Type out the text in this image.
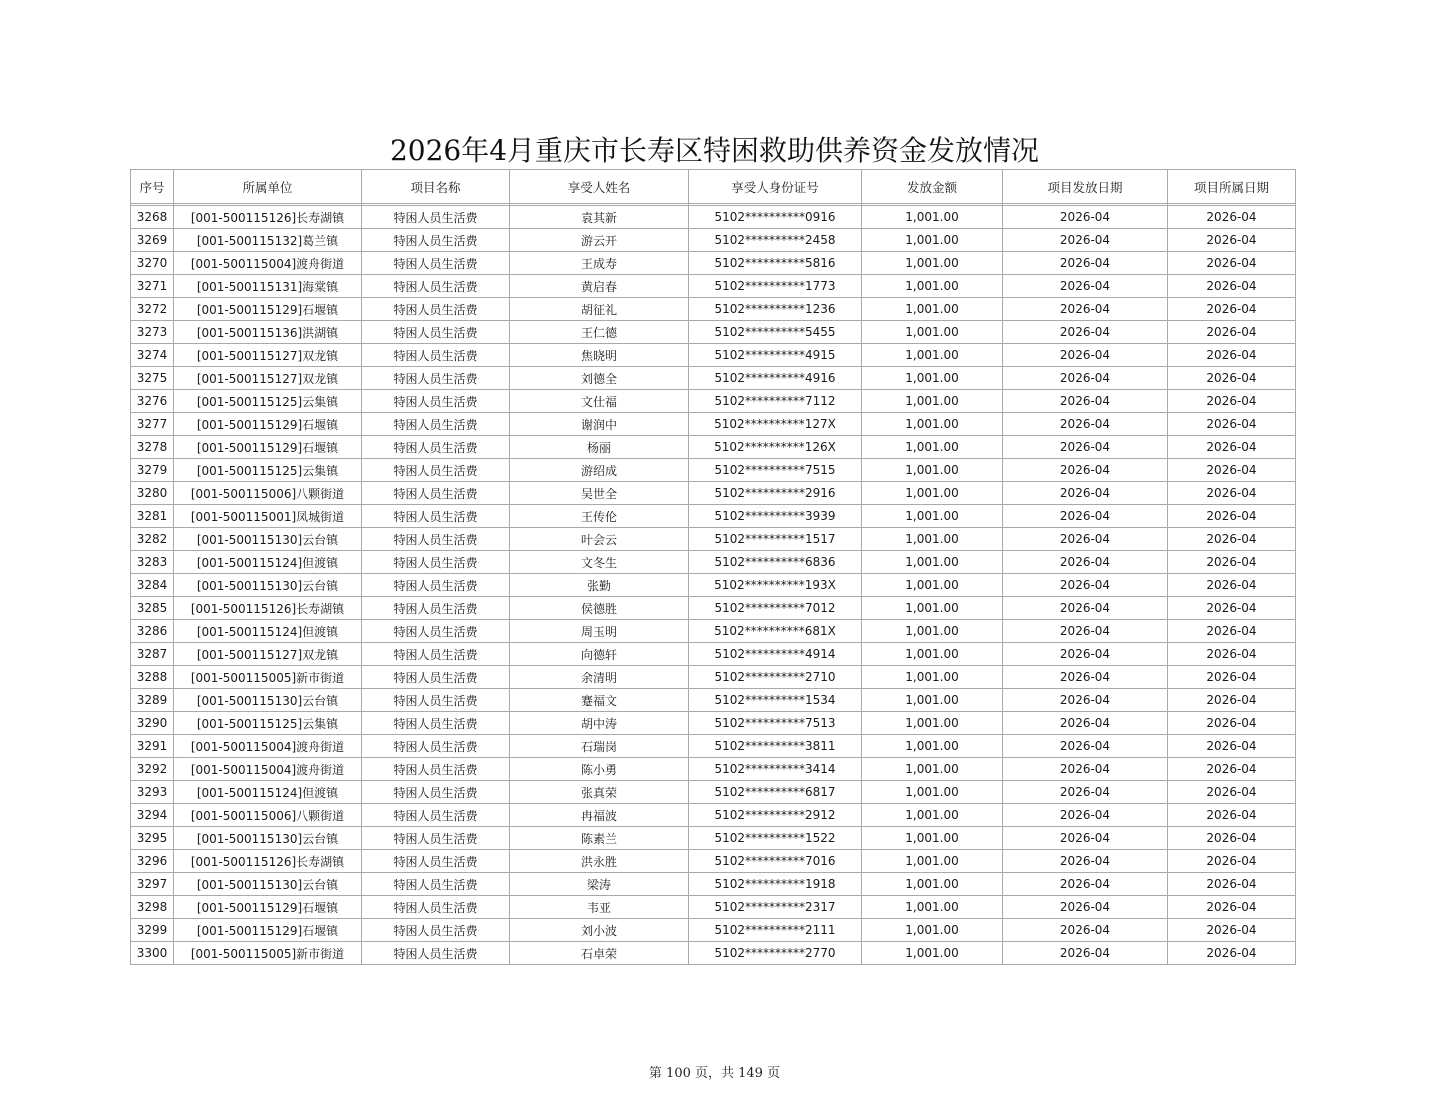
2026年4月重庆市长寿区特困救助供养资金发放情况
序号	所属单位	项目名称	享受人姓名	享受人身份证号	发放金额	项目发放日期	项目所属日期

3268	[001-500115126]长寿湖镇	特困人员生活费	袁其新	5102**********0916	1,001.00	2026-04	2026-04
3269	[001-500115132]葛兰镇	特困人员生活费	游云开	5102**********2458	1,001.00	2026-04	2026-04
3270	[001-500115004]渡舟街道	特困人员生活费	王成寿	5102**********5816	1,001.00	2026-04	2026-04
3271	[001-500115131]海棠镇	特困人员生活费	黄启春	5102**********1773	1,001.00	2026-04	2026-04
3272	[001-500115129]石堰镇	特困人员生活费	胡征礼	5102**********1236	1,001.00	2026-04	2026-04
3273	[001-500115136]洪湖镇	特困人员生活费	王仁德	5102**********5455	1,001.00	2026-04	2026-04
3274	[001-500115127]双龙镇	特困人员生活费	焦晓明	5102**********4915	1,001.00	2026-04	2026-04
3275	[001-500115127]双龙镇	特困人员生活费	刘德全	5102**********4916	1,001.00	2026-04	2026-04
3276	[001-500115125]云集镇	特困人员生活费	文仕福	5102**********7112	1,001.00	2026-04	2026-04
3277	[001-500115129]石堰镇	特困人员生活费	谢润中	5102**********127X	1,001.00	2026-04	2026-04
3278	[001-500115129]石堰镇	特困人员生活费	杨丽	5102**********126X	1,001.00	2026-04	2026-04
3279	[001-500115125]云集镇	特困人员生活费	游绍成	5102**********7515	1,001.00	2026-04	2026-04
3280	[001-500115006]八颗街道	特困人员生活费	吴世全	5102**********2916	1,001.00	2026-04	2026-04
3281	[001-500115001]凤城街道	特困人员生活费	王传伦	5102**********3939	1,001.00	2026-04	2026-04
3282	[001-500115130]云台镇	特困人员生活费	叶会云	5102**********1517	1,001.00	2026-04	2026-04
3283	[001-500115124]但渡镇	特困人员生活费	文冬生	5102**********6836	1,001.00	2026-04	2026-04
3284	[001-500115130]云台镇	特困人员生活费	张勤	5102**********193X	1,001.00	2026-04	2026-04
3285	[001-500115126]长寿湖镇	特困人员生活费	侯德胜	5102**********7012	1,001.00	2026-04	2026-04
3286	[001-500115124]但渡镇	特困人员生活费	周玉明	5102**********681X	1,001.00	2026-04	2026-04
3287	[001-500115127]双龙镇	特困人员生活费	向德轩	5102**********4914	1,001.00	2026-04	2026-04
3288	[001-500115005]新市街道	特困人员生活费	余清明	5102**********2710	1,001.00	2026-04	2026-04
3289	[001-500115130]云台镇	特困人员生活费	蹇福文	5102**********1534	1,001.00	2026-04	2026-04
3290	[001-500115125]云集镇	特困人员生活费	胡中涛	5102**********7513	1,001.00	2026-04	2026-04
3291	[001-500115004]渡舟街道	特困人员生活费	石瑞岗	5102**********3811	1,001.00	2026-04	2026-04
3292	[001-500115004]渡舟街道	特困人员生活费	陈小勇	5102**********3414	1,001.00	2026-04	2026-04
3293	[001-500115124]但渡镇	特困人员生活费	张真荣	5102**********6817	1,001.00	2026-04	2026-04
3294	[001-500115006]八颗街道	特困人员生活费	冉福波	5102**********2912	1,001.00	2026-04	2026-04
3295	[001-500115130]云台镇	特困人员生活费	陈素兰	5102**********1522	1,001.00	2026-04	2026-04
3296	[001-500115126]长寿湖镇	特困人员生活费	洪永胜	5102**********7016	1,001.00	2026-04	2026-04
3297	[001-500115130]云台镇	特困人员生活费	梁涛	5102**********1918	1,001.00	2026-04	2026-04
3298	[001-500115129]石堰镇	特困人员生活费	韦亚	5102**********2317	1,001.00	2026-04	2026-04
3299	[001-500115129]石堰镇	特困人员生活费	刘小波	5102**********2111	1,001.00	2026-04	2026-04
3300	[001-500115005]新市街道	特困人员生活费	石卓荣	5102**********2770	1,001.00	2026-04	2026-04
第 100 页，共 149 页
